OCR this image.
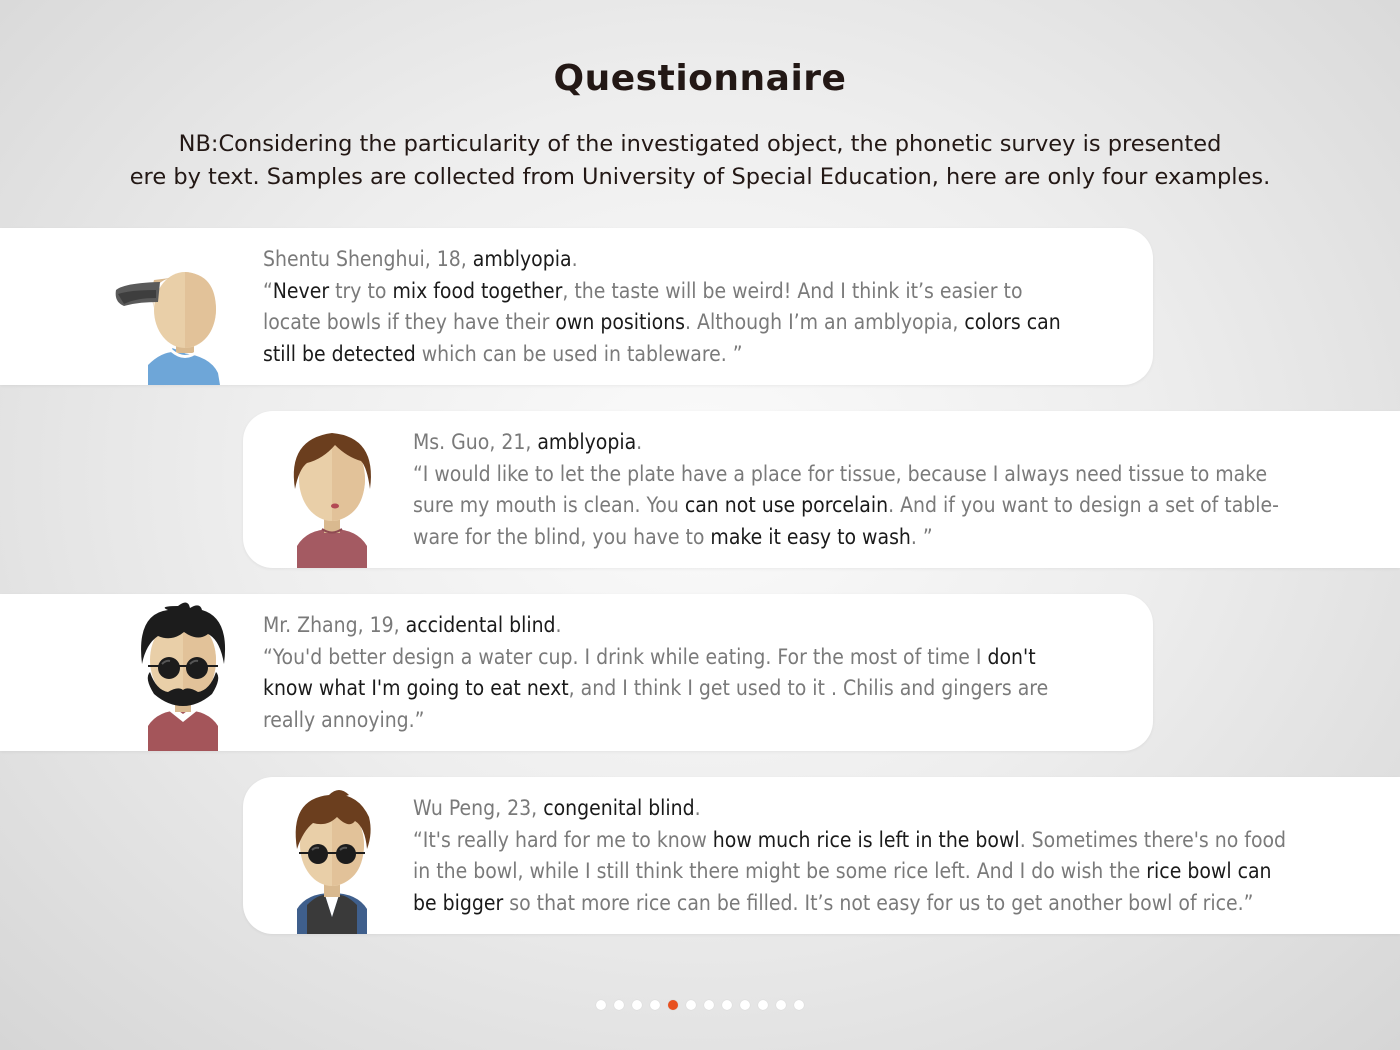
Questionnaire

NB:Considering the particularity of the investigated object, the phonetic survey is presented

ere by text. Samples are collected from University of Special Education, here are only four examples.

Shentu Shenghui, 18, amblyopia.
“Never try to mix food together, the taste will be weird! And I think it’s easier to
locate bowls if they have their own positions. Although I’m an amblyopia, colors can
still be detected which can be used in tableware. ”
Ms. Guo, 21, amblyopia.
“I would like to let the plate have a place for tissue, because I always need tissue to make
sure my mouth is clean. You can not use porcelain. And if you want to design a set of table-
ware for the blind, you have to make it easy to wash. ”
Mr. Zhang, 19, accidental blind.
“You'd better design a water cup. I drink while eating. For the most of time I don't
know what I'm going to eat next, and I think I get used to it . Chilis and gingers are
really annoying.”
Wu Peng, 23, congenital blind.
“It's really hard for me to know how much rice is left in the bowl. Sometimes there's no food
in the bowl, while I still think there might be some rice left. And I do wish the rice bowl can
be bigger so that more rice can be filled. It’s not easy for us to get another bowl of rice.”
